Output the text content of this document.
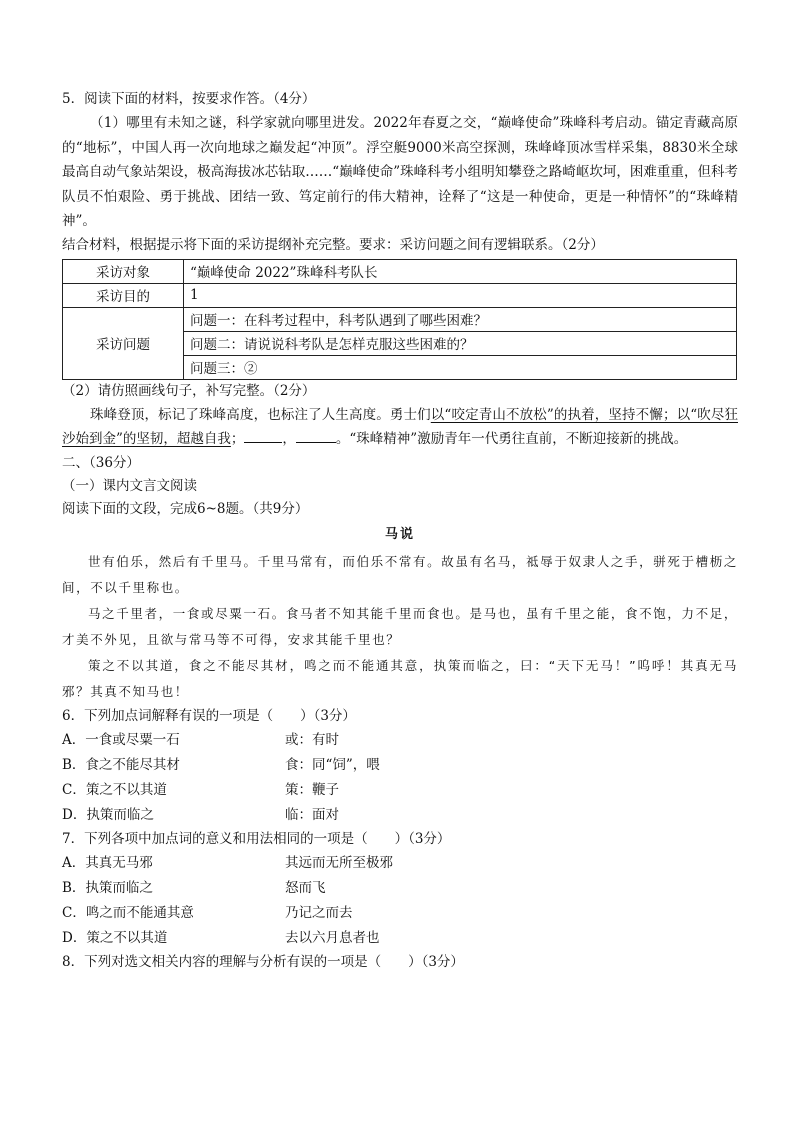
5．阅读下面的材料，按要求作答。（4分）
（1）哪里有未知之谜，科学家就向哪里进发。2022年春夏之交，“巅峰使命”珠峰科考启动。锚定青藏高原的“地标”，中国人再一次向地球之巅发起“冲顶”。浮空艇9000米高空探测，珠峰峰顶冰雪样采集，8830米全球最高自动气象站架设，极高海拔冰芯钻取……“巅峰使命”珠峰科考小组明知攀登之路崎岖坎坷，困难重重，但科考队员不怕艰险、勇于挑战、团结一致、笃定前行的伟大精神，诠释了“这是一种使命，更是一种情怀”的“珠峰精神”。
结合材料，根据提示将下面的采访提纲补充完整。要求：采访问题之间有逻辑联系。（2分）
采访对象	“巅峰使命 2022”珠峰科考队长
采访目的	1
采访问题	问题一：在科考过程中，科考队遇到了哪些困难？
	问题二：请说说科考队是怎样克服这些困难的？
	问题三：②
（2）请仿照画线句子，补写完整。（2分）
珠峰登顶，标记了珠峰高度，也标注了人生高度。勇士们以“咬定青山不放松”的执着，坚持不懈；以“吹尽狂沙始到金”的坚韧，超越自我；	，	。“珠峰精神”激励青年一代勇往直前，不断迎接新的挑战。
二、（36分）
（一）课内文言文阅读
阅读下面的文段，完成6~8题。（共9分）
马说

世有伯乐，然后有千里马。千里马常有，而伯乐不常有。故虽有名马，祗辱于奴隶人之手，骈死于槽枥之间，不以千里称也。

马之千里者，一食或尽粟一石。食马者不知其能千里而食也。是马也，虽有千里之能，食不饱，力不足，才美不外见，且欲与常马等不可得，安求其能千里也？

策之不以其道，食之不能尽其材，鸣之而不能通其意，执策而临之，曰：“天下无马！”呜呼！其真无马邪？其真不知马也！

6．下列加点词解释有误的一项是（　　）（3分）
A．一食或尽粟一石	或：有时
B．食之不能尽其材	食：同“饲”，喂
C．策之不以其道	策：鞭子
D．执策而临之	临：面对
7．下列各项中加点词的意义和用法相同的一项是（　　）（3分）
A．其真无马邪	其远而无所至极邪
B．执策而临之	怒而飞
C．鸣之而不能通其意	乃记之而去
D．策之不以其道	去以六月息者也
8．下列对选文相关内容的理解与分析有误的一项是（　　）（3分）
